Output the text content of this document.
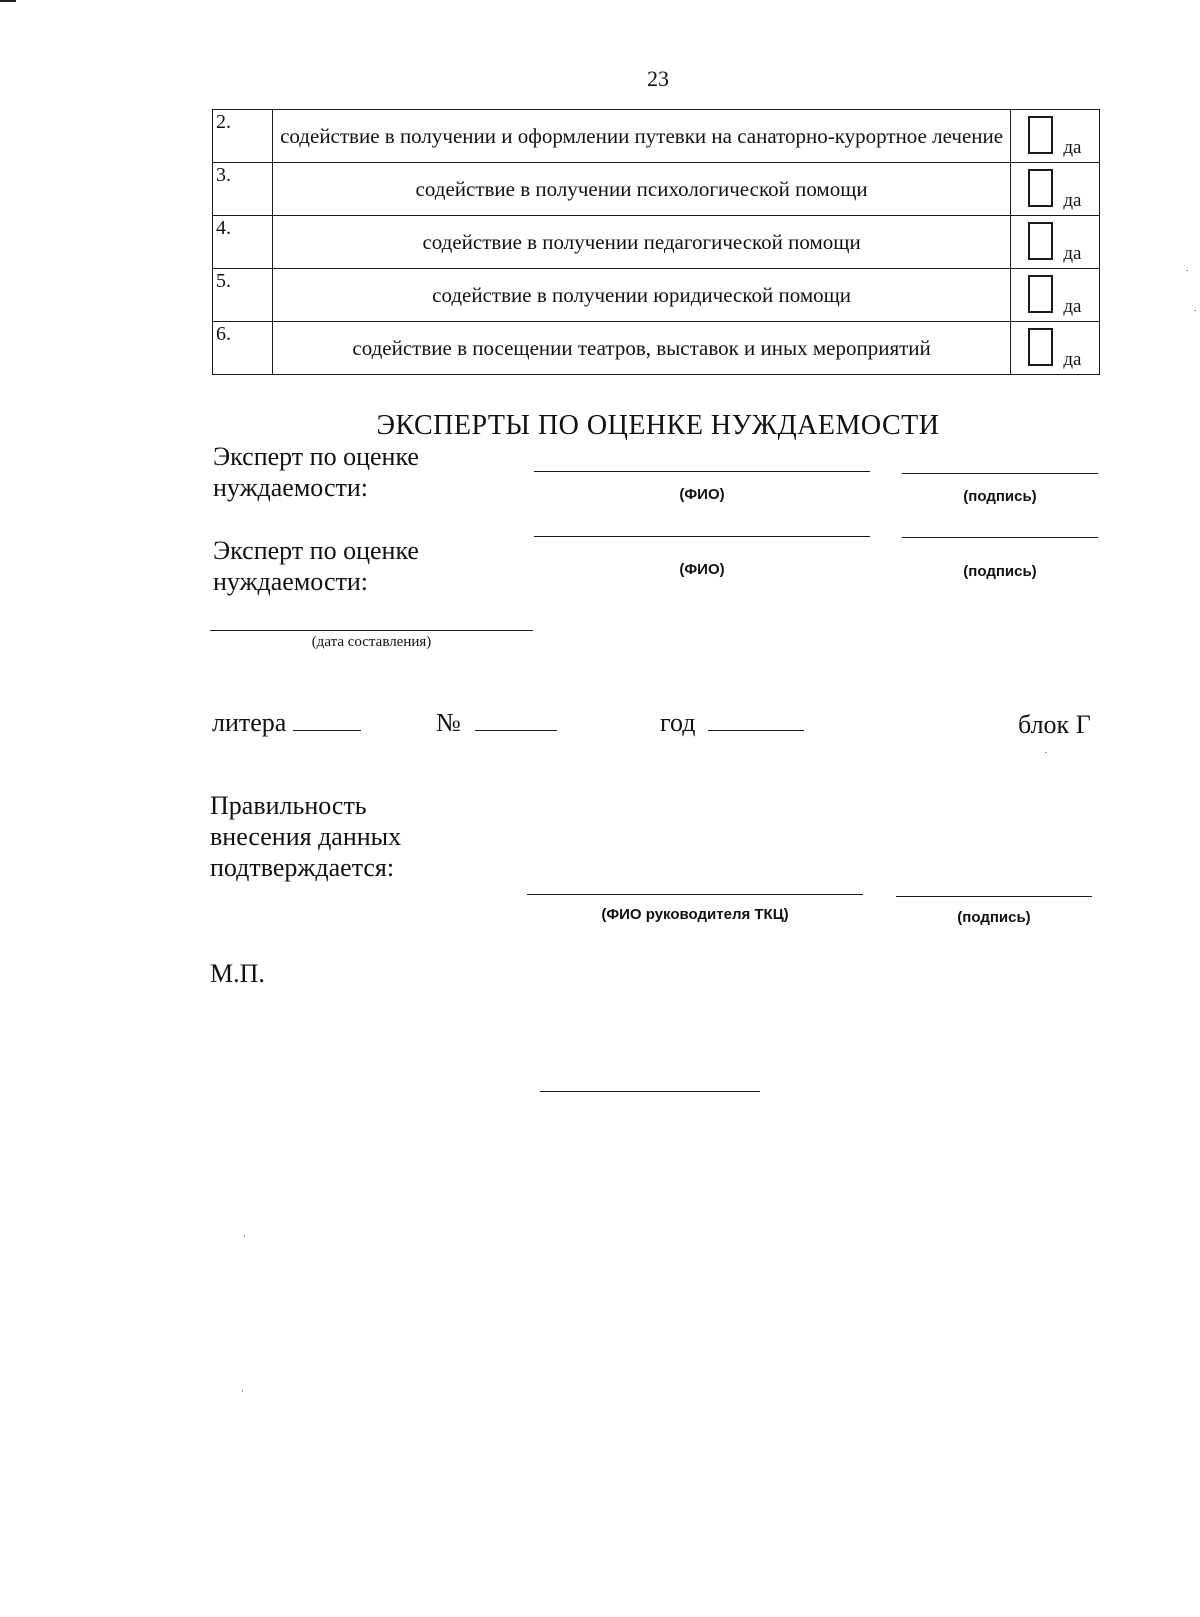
23
2.	содействие в получении и оформлении путевки на санаторно-курортное лечение	да

3.	содействие в получении психологической помощи	да

4.	содействие в получении педагогической помощи	да

5.	содействие в получении юридической помощи	да

6.	содействие в посещении театров, выставок и иных мероприятий	да
ЭКСПЕРТЫ ПО ОЦЕНКЕ НУЖДАЕМОСТИ
Эксперт по оценке
нуждаемости:	(ФИО)	(подпись)
Эксперт по оценке
нуждаемости:	(ФИО)	(подпись)
(дата составления)
литера	№	год	блок Г
Правильность
внесения данных
подтверждается:
(ФИО руководителя ТКЦ)	(подпись)
М.П.
